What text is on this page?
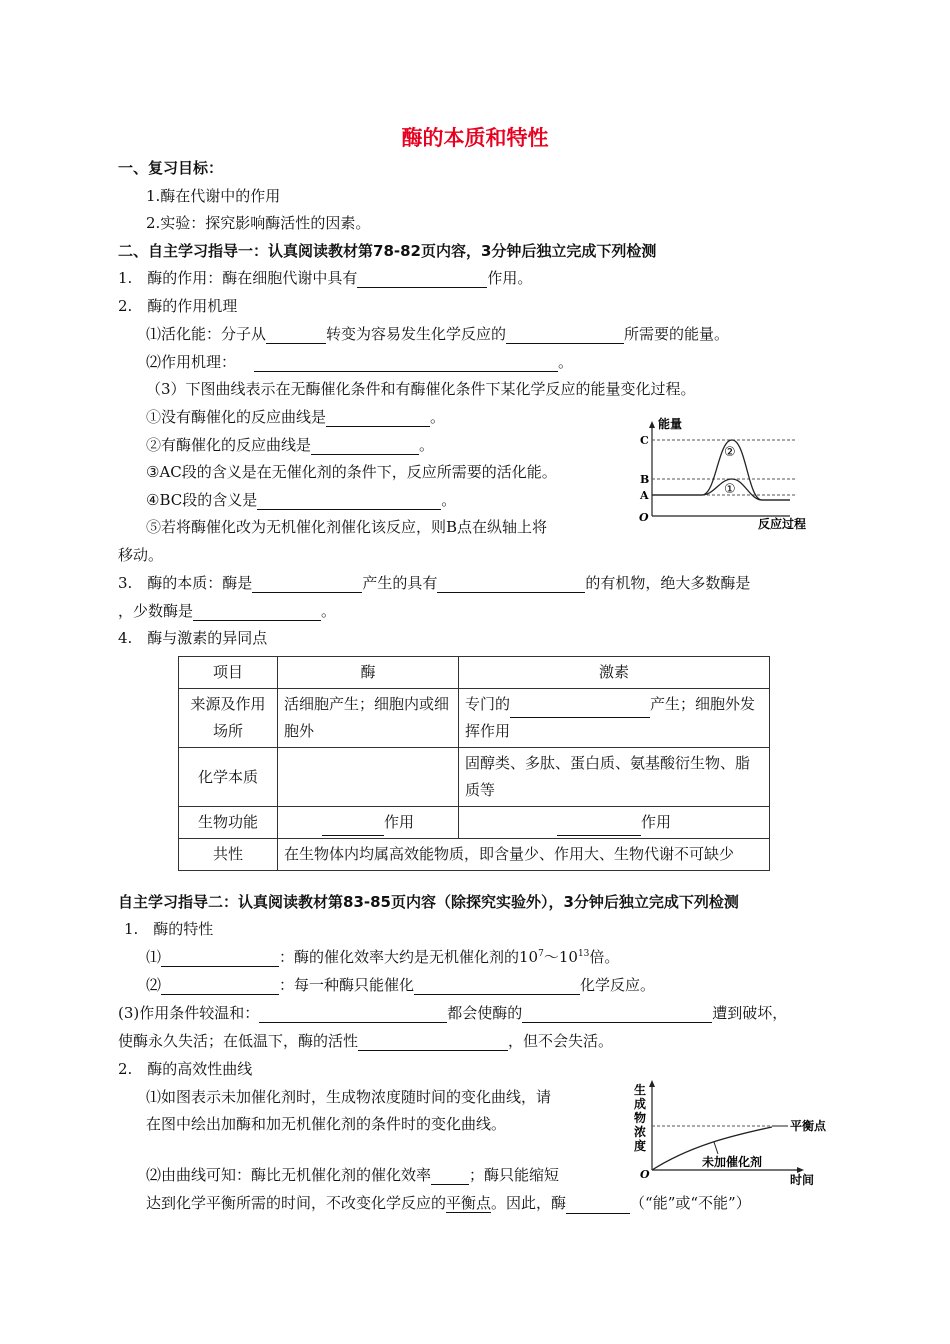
酶的本质和特性
一、复习目标：
1.酶在代谢中的作用
2.实验：探究影响酶活性的因素。
二、自主学习指导一：认真阅读教材第78-82页内容，3分钟后独立完成下列检测
1.　酶的作用：酶在细胞代谢中具有	作用。
2.　酶的作用机理
⑴活化能：分子从	转变为容易发生化学反应的	所需要的能量。
⑵作用机理：	。
（3）下图曲线表示在无酶催化条件和有酶催化条件下某化学反应的能量变化过程。
①没有酶催化的反应曲线是	。
②有酶催化的反应曲线是	。
③AC段的含义是在无催化剂的条件下，反应所需要的活化能。
④BC段的含义是	。
⑤若将酶催化改为无机催化剂催化该反应，则B点在纵轴上将
移动。
能量
C
B
A
O
②
①
反应过程
3.　酶的本质：酶是	产生的具有	的有机物，绝大多数酶是
，少数酶是	。
4.　酶与激素的异同点
项目	酶	激素
来源及作用场所	活细胞产生；细胞内或细胞外	专门的 产生；细胞外发挥作用
化学本质		固醇类、多肽、蛋白质、氨基酸衍生物、脂质等
生物功能	作用	作用
共性	在生物体内均属高效能物质，即含量少、作用大、生物代谢不可缺少	
自主学习指导二：认真阅读教材第83-85页内容（除探究实验外），3分钟后独立完成下列检测
1.　酶的特性
⑴	：酶的催化效率大约是无机催化剂的$10^7\sim 10^{13}$倍。
⑵	：每一种酶只能催化	化学反应。
(3)作用条件较温和：	都会使酶的	遭到破坏，
使酶永久失活；在低温下，酶的活性	，但不会失活。
2.　酶的高效性曲线
⑴如图表示未加催化剂时，生成物浓度随时间的变化曲线，请
在图中绘出加酶和加无机催化剂的条件时的变化曲线。
⑵由曲线可知：酶比无机催化剂的催化效率	；酶只能缩短
达到化学平衡所需的时间，不改变化学反应的平衡点。因此，酶	（“能”或“不能”）
生
成
物
浓
度
O
平衡点
未加催化剂
时间
